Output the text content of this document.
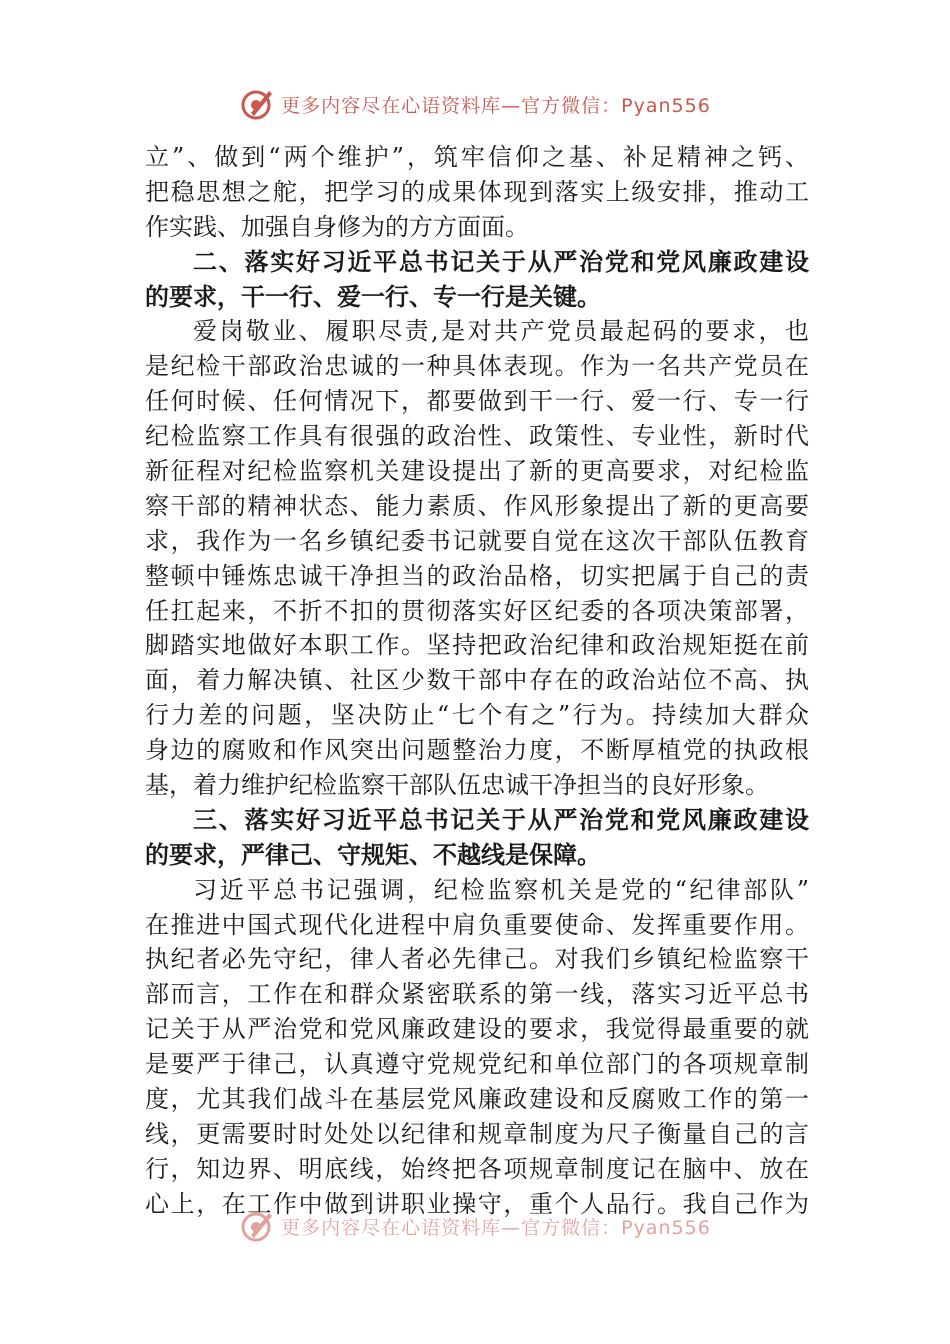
更多内容尽在心语资料库—官方微信：Pyan556
立”、做到“两个维护”，筑牢信仰之基、补足精神之钙、
把稳思想之舵，把学习的成果体现到落实上级安排，推动工
作实践、加强自身修为的方方面面。
二、落实好习近平总书记关于从严治党和党风廉政建设
的要求，干一行、爱一行、专一行是关键。
爱岗敬业、履职尽责,是对共产党员最起码的要求，也
是纪检干部政治忠诚的一种具体表现。作为一名共产党员在
任何时候、任何情况下，都要做到干一行、爱一行、专一行
纪检监察工作具有很强的政治性、政策性、专业性，新时代
新征程对纪检监察机关建设提出了新的更高要求，对纪检监
察干部的精神状态、能力素质、作风形象提出了新的更高要
求，我作为一名乡镇纪委书记就要自觉在这次干部队伍教育
整顿中锤炼忠诚干净担当的政治品格，切实把属于自己的责
任扛起来，不折不扣的贯彻落实好区纪委的各项决策部署，
脚踏实地做好本职工作。坚持把政治纪律和政治规矩挺在前
面，着力解决镇、社区少数干部中存在的政治站位不高、执
行力差的问题，坚决防止“七个有之”行为。持续加大群众
身边的腐败和作风突出问题整治力度，不断厚植党的执政根
基，着力维护纪检监察干部队伍忠诚干净担当的良好形象。
三、落实好习近平总书记关于从严治党和党风廉政建设
的要求，严律己、守规矩、不越线是保障。
习近平总书记强调，纪检监察机关是党的“纪律部队”
在推进中国式现代化进程中肩负重要使命、发挥重要作用。
执纪者必先守纪，律人者必先律己。对我们乡镇纪检监察干
部而言，工作在和群众紧密联系的第一线，落实习近平总书
记关于从严治党和党风廉政建设的要求，我觉得最重要的就
是要严于律己，认真遵守党规党纪和单位部门的各项规章制
度，尤其我们战斗在基层党风廉政建设和反腐败工作的第一
线，更需要时时处处以纪律和规章制度为尺子衡量自己的言
行，知边界、明底线，始终把各项规章制度记在脑中、放在
心上，在工作中做到讲职业操守，重个人品行。我自己作为
更多内容尽在心语资料库—官方微信：Pyan556
